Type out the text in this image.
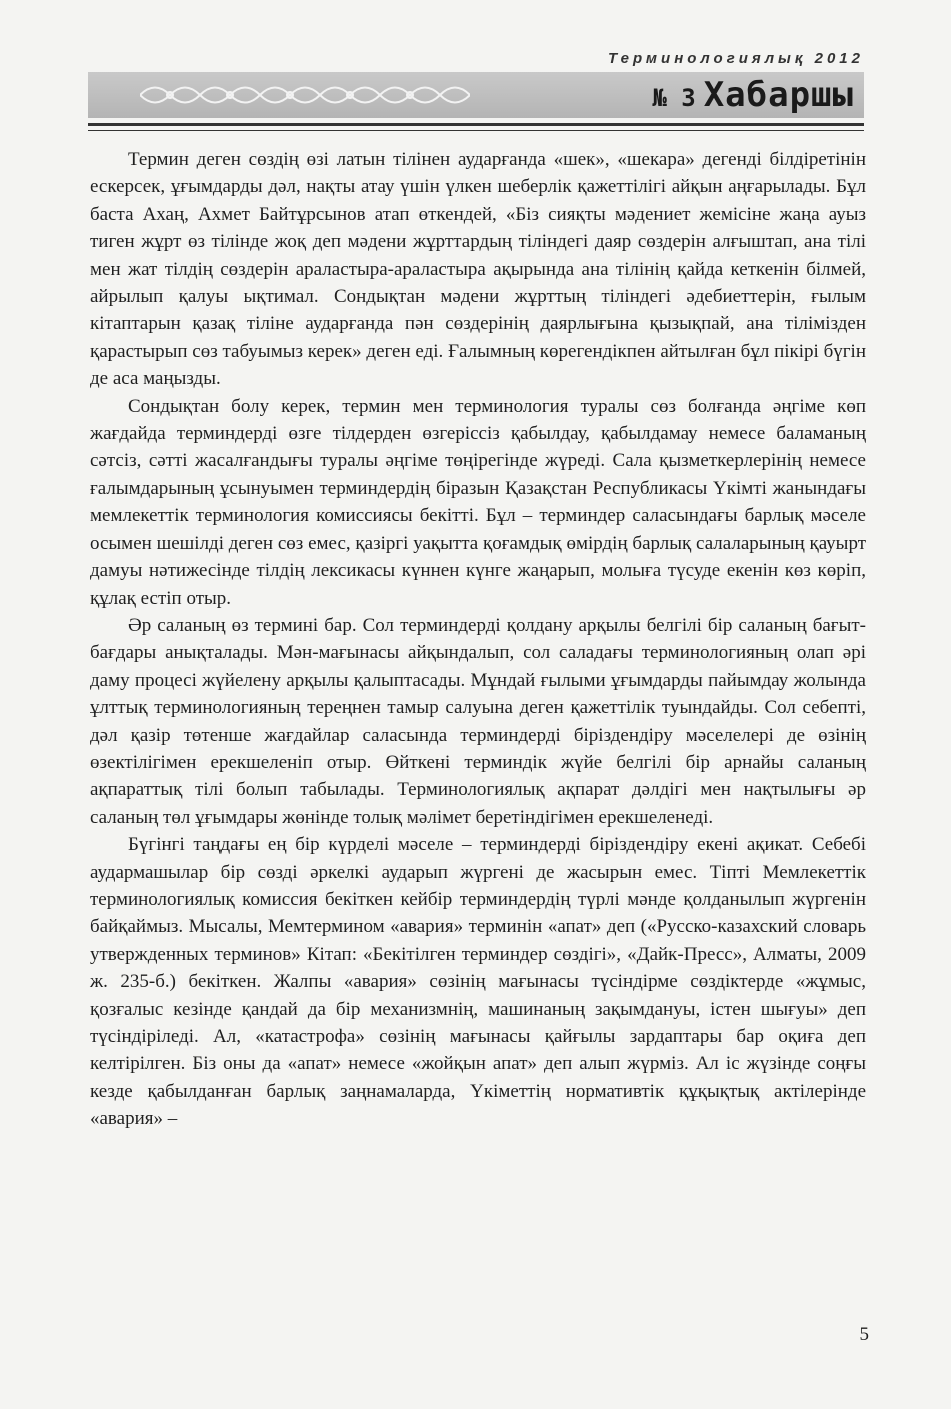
Терминологиялық 2012
№ 3 Хабаршы

Термин деген сөздің өзі латын тілінен аударғанда «шек», «шекара» дегенді білдіретінін ескерсек, ұғымдарды дәл, нақты атау үшін үлкен шеберлік қажеттілігі айқын аңғарылады. Бұл баста Ахаң, Ахмет Байтұрсынов атап өткендей, «Біз сияқты мәдениет жемісіне жаңа ауыз тиген жұрт өз тілінде жоқ деп мәдени жұрттардың тіліндегі даяр сөздерін алғыштап, ана тілі мен жат тілдің сөздерін араластыра-араластыра ақырында ана тілінің қайда кеткенін білмей, айрылып қалуы ықтимал. Сондықтан мәдени жұрттың тіліндегі әдебиеттерін, ғылым кітаптарын қазақ тіліне аударғанда пән сөздерінің даярлығына қызықпай, ана тілімізден қарастырып сөз табуымыз керек» деген еді. Ғалымның көрегендікпен айтылған бұл пікірі бүгін де аса маңызды.

Сондықтан болу керек, термин мен терминология туралы сөз болғанда әңгіме көп жағдайда терминдерді өзге тілдерден өзгеріссіз қабылдау, қабылдамау немесе баламаның сәтсіз, сәтті жасалғандығы туралы әңгіме төңірегінде жүреді. Сала қызметкерлерінің немесе ғалымдарының ұсынуымен терминдердің біразын Қазақстан Республикасы Үкімті жанындағы мемлекеттік терминология комиссиясы бекітті. Бұл – терминдер саласындағы барлық мәселе осымен шешілді деген сөз емес, қазіргі уақытта қоғамдық өмірдің барлық салаларының қауырт дамуы нәтижесінде тілдің лексикасы күннен күнге жаңарып, молыға түсуде екенін көз көріп, құлақ естіп отыр.

Әр саланың өз термині бар. Сол терминдерді қолдану арқылы белгілі бір саланың бағыт-бағдары анықталады. Мән-мағынасы айқындалып, сол саладағы терминологияның олап әрі даму процесі жүйелену арқылы қалыптасады. Мұндай ғылыми ұғымдарды пайымдау жолында ұлттық терминологияның тереңнен тамыр салуына деген қажеттілік туындайды. Сол себепті, дәл қазір төтенше жағдайлар саласында терминдерді біріздендіру мәселелері де өзінің өзектілігімен ерекшеленіп отыр. Өйткені терминдік жүйе белгілі бір арнайы саланың ақпараттық тілі болып табылады. Терминологиялық ақпарат дәлдігі мен нақтылығы әр саланың төл ұғымдары жөнінде толық мәлімет беретіндігімен ерекшеленеді.

Бүгінгі таңдағы ең бір күрделі мәселе – терминдерді біріздендіру екені ақикат. Себебі аудармашылар бір сөзді әркелкі аударып жүргені де жасырын емес. Тіпті Мемлекеттік терминологиялық комиссия бекіткен кейбір терминдердің түрлі мәнде қолданылып жүргенін байқаймыз. Мысалы, Мемтермином «авария» терминін «апат» деп («Русско-казахский словарь утвержденных терминов» Кітап: «Бекітілген терминдер сөздігі», «Дайк-Пресс», Алматы, 2009 ж. 235-б.) бекіткен. Жалпы «авария» сөзінің мағынасы түсіндірме сөздіктерде «жұмыс, қозғалыс кезінде қандай да бір механизмнің, машинаның зақымдануы, істен шығуы» деп түсіндіріледі. Ал, «катастрофа» сөзінің мағынасы қайғылы зардаптары бар оқиға деп келтірілген. Біз оны да «апат» немесе «жойқын апат» деп алып жүрміз. Ал іс жүзінде соңғы кезде қабылданған барлық заңнамаларда, Үкіметтің нормативтік құқықтық актілерінде «авария» –

5
